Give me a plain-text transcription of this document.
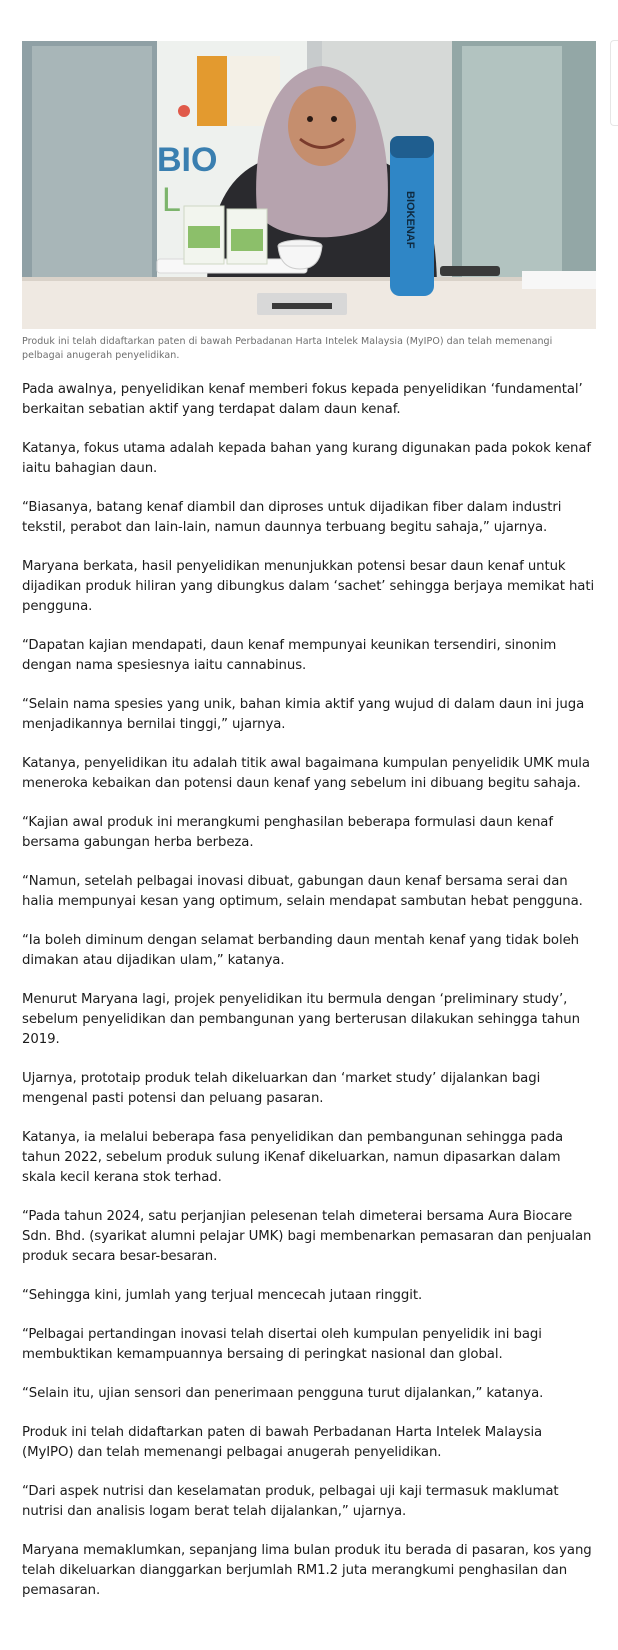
BIO
L	BIOKENAF

Produk ini telah didaftarkan paten di bawah Perbadanan Harta Intelek Malaysia (MyIPO) dan telah memenangi pelbagai anugerah penyelidikan.

Pada awalnya, penyelidikan kenaf memberi fokus kepada penyelidikan ‘fundamental’ berkaitan sebatian aktif yang terdapat dalam daun kenaf.

Katanya, fokus utama adalah kepada bahan yang kurang digunakan pada pokok kenaf iaitu bahagian daun.

“Biasanya, batang kenaf diambil dan diproses untuk dijadikan fiber dalam industri tekstil, perabot dan lain-lain, namun daunnya terbuang begitu sahaja,” ujarnya.

Maryana berkata, hasil penyelidikan menunjukkan potensi besar daun kenaf untuk dijadikan produk hiliran yang dibungkus dalam ‘sachet’ sehingga berjaya memikat hati pengguna.

“Dapatan kajian mendapati, daun kenaf mempunyai keunikan tersendiri, sinonim dengan nama spesiesnya iaitu cannabinus.

“Selain nama spesies yang unik, bahan kimia aktif yang wujud di dalam daun ini juga menjadikannya bernilai tinggi,” ujarnya.

Katanya, penyelidikan itu adalah titik awal bagaimana kumpulan penyelidik UMK mula meneroka kebaikan dan potensi daun kenaf yang sebelum ini dibuang begitu sahaja.

“Kajian awal produk ini merangkumi penghasilan beberapa formulasi daun kenaf bersama gabungan herba berbeza.

“Namun, setelah pelbagai inovasi dibuat, gabungan daun kenaf bersama serai dan halia mempunyai kesan yang optimum, selain mendapat sambutan hebat pengguna.

“Ia boleh diminum dengan selamat berbanding daun mentah kenaf yang tidak boleh dimakan atau dijadikan ulam,” katanya.

Menurut Maryana lagi, projek penyelidikan itu bermula dengan ‘preliminary study’, sebelum penyelidikan dan pembangunan yang berterusan dilakukan sehingga tahun 2019.

Ujarnya, prototaip produk telah dikeluarkan dan ‘market study’ dijalankan bagi mengenal pasti potensi dan peluang pasaran.

Katanya, ia melalui beberapa fasa penyelidikan dan pembangunan sehingga pada tahun 2022, sebelum produk sulung iKenaf dikeluarkan, namun dipasarkan dalam skala kecil kerana stok terhad.

“Pada tahun 2024, satu perjanjian pelesenan telah dimeterai bersama Aura Biocare Sdn. Bhd. (syarikat alumni pelajar UMK) bagi membenarkan pemasaran dan penjualan produk secara besar-besaran.

“Sehingga kini, jumlah yang terjual mencecah jutaan ringgit.

“Pelbagai pertandingan inovasi telah disertai oleh kumpulan penyelidik ini bagi membuktikan kemampuannya bersaing di peringkat nasional dan global.

“Selain itu, ujian sensori dan penerimaan pengguna turut dijalankan,” katanya.

Produk ini telah didaftarkan paten di bawah Perbadanan Harta Intelek Malaysia (MyIPO) dan telah memenangi pelbagai anugerah penyelidikan.

“Dari aspek nutrisi dan keselamatan produk, pelbagai uji kaji termasuk maklumat nutrisi dan analisis logam berat telah dijalankan,” ujarnya.

Maryana memaklumkan, sepanjang lima bulan produk itu berada di pasaran, kos yang telah dikeluarkan dianggarkan berjumlah RM1.2 juta merangkumi penghasilan dan pemasaran.
